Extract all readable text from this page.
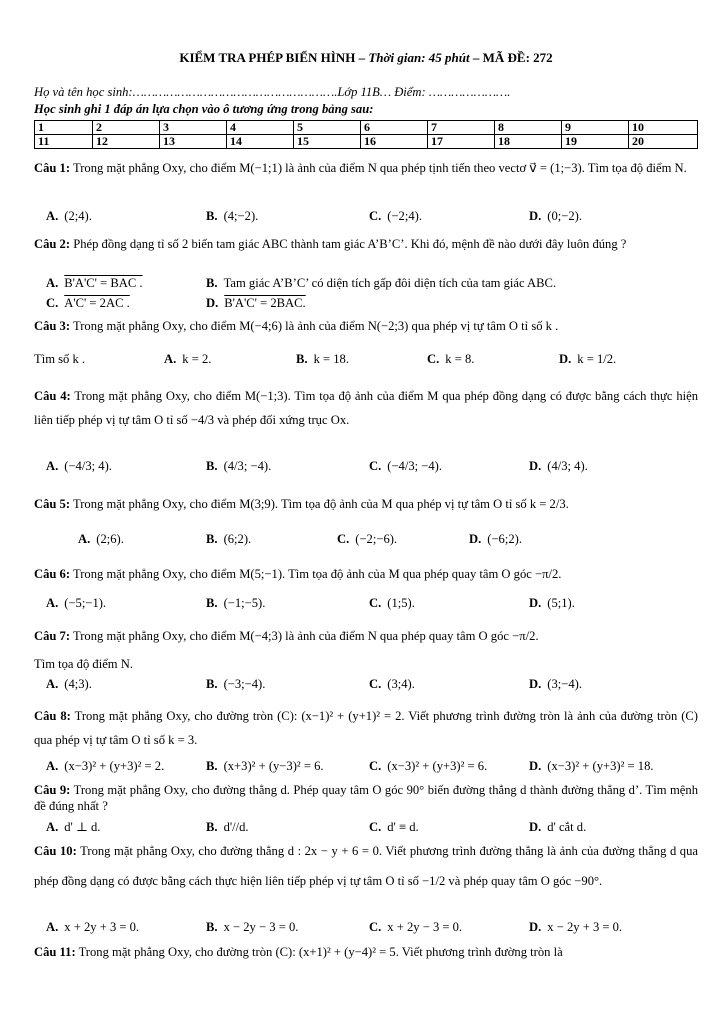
KIỂM TRA PHÉP BIẾN HÌNH – Thời gian: 45 phút – MÃ ĐỀ: 272
Họ và tên học sinh:……………………………………………….Lớp 11B… Điểm: ………………….
Học sinh ghi 1 đáp án lựa chọn vào ô tương ứng trong bảng sau:
1	2	3	4	5	6	7	8	9	10
11	12	13	14	15	16	17	18	19	20
Câu 1: Trong mặt phẳng Oxy, cho điểm M(−1;1) là ảnh của điểm N qua phép tịnh tiến theo vectơ v⃗ = (1;−3). Tìm tọa độ điểm N.
A. (2;4).	B. (4;−2).	C. (−2;4).	D. (0;−2).
Câu 2: Phép đồng dạng tỉ số 2 biến tam giác ABC thành tam giác A’B’C’. Khi đó, mệnh đề nào dưới đây luôn đúng ?
A. B'A'C' = BAC .	B. Tam giác A’B’C’ có diện tích gấp đôi diện tích của tam giác ABC.
C. A'C' = 2AC .	D. B'A'C' = 2BAC.
Câu 3: Trong mặt phẳng Oxy, cho điểm M(−4;6) là ảnh của điểm N(−2;3) qua phép vị tự tâm O tỉ số k .
Tìm số k .	A. k = 2.	B. k = 18.	C. k = 8.	D. k = 1/2.
Câu 4: Trong mặt phẳng Oxy, cho điểm M(−1;3). Tìm tọa độ ảnh của điểm M qua phép đồng dạng có được bằng cách thực hiện liên tiếp phép vị tự tâm O tỉ số −4/3 và phép đối xứng trục Ox.
A. (−4/3; 4).	B. (4/3; −4).	C. (−4/3; −4).	D. (4/3; 4).
Câu 5: Trong mặt phẳng Oxy, cho điểm M(3;9). Tìm tọa độ ảnh của M qua phép vị tự tâm O tỉ số k = 2/3.
A. (2;6).	B. (6;2).	C. (−2;−6).	D. (−6;2).
Câu 6: Trong mặt phẳng Oxy, cho điểm M(5;−1). Tìm tọa độ ảnh của M qua phép quay tâm O góc −π/2.
A. (−5;−1).	B. (−1;−5).	C. (1;5).	D. (5;1).
Câu 7: Trong mặt phẳng Oxy, cho điểm M(−4;3) là ảnh của điểm N qua phép quay tâm O góc −π/2.
Tìm tọa độ điểm N.
A. (4;3).	B. (−3;−4).	C. (3;4).	D. (3;−4).
Câu 8: Trong mặt phẳng Oxy, cho đường tròn (C): (x−1)² + (y+1)² = 2. Viết phương trình đường tròn là ảnh của đường tròn (C) qua phép vị tự tâm O tỉ số k = 3.
A. (x−3)² + (y+3)² = 2.	B. (x+3)² + (y−3)² = 6.	C. (x−3)² + (y+3)² = 6.	D. (x−3)² + (y+3)² = 18.
Câu 9: Trong mặt phẳng Oxy, cho đường thẳng d. Phép quay tâm O góc 90° biến đường thẳng d thành đường thẳng d’. Tìm mệnh đề đúng nhất ?
A. d' ⊥ d.	B. d'//d.	C. d' ≡ d.	D. d' cắt d.
Câu 10: Trong mặt phẳng Oxy, cho đường thẳng d : 2x − y + 6 = 0. Viết phương trình đường thẳng là ảnh của đường thẳng d qua phép đồng dạng có được bằng cách thực hiện liên tiếp phép vị tự tâm O tỉ số −1/2 và phép quay tâm O góc −90°.
A. x + 2y + 3 = 0.	B. x − 2y − 3 = 0.	C. x + 2y − 3 = 0.	D. x − 2y + 3 = 0.
Câu 11: Trong mặt phẳng Oxy, cho đường tròn (C): (x+1)² + (y−4)² = 5. Viết phương trình đường tròn là
